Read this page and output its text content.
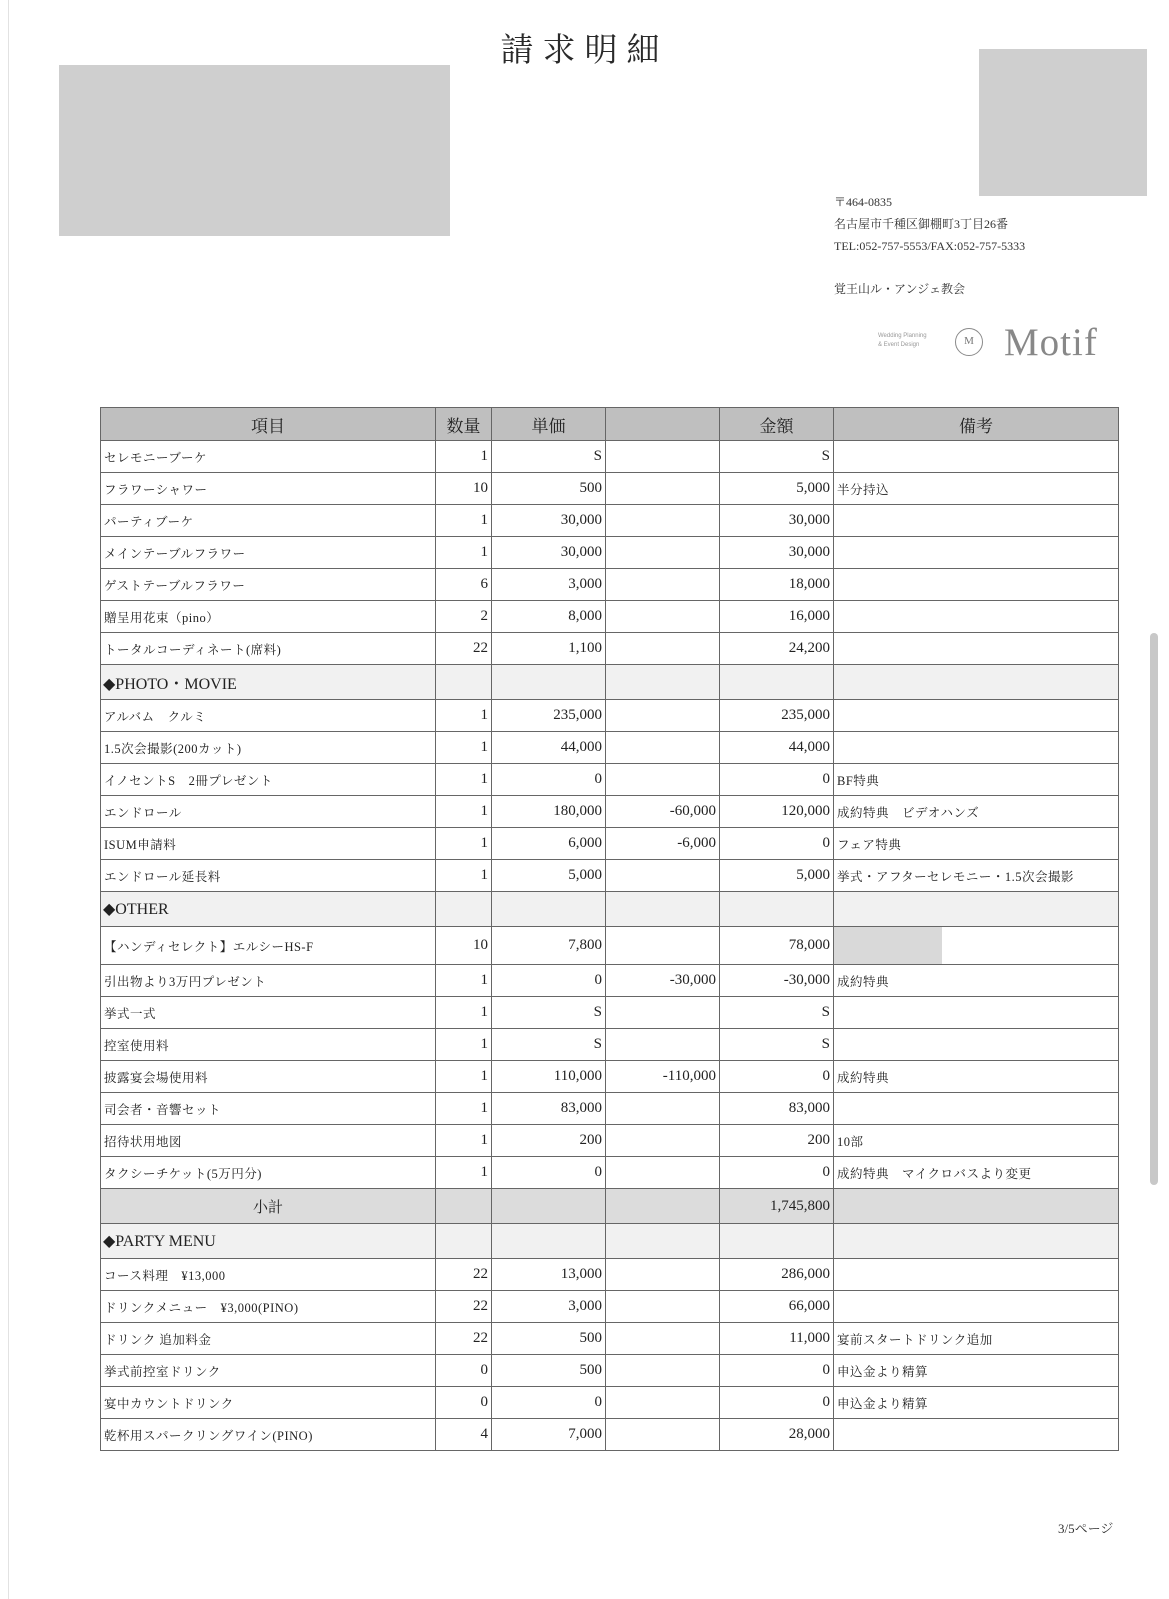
請求明細
〒464-0835
名古屋市千種区御棚町3丁目26番
TEL:052-757-5553/FAX:052-757-5333
覚王山ル・アンジェ教会
Wedding Planning
& Event Design	M Motif
項目	数量	単価		金額	備考
セレモニーブーケ	1	S		S	
フラワーシャワー	10	500		5,000	半分持込
パーティブーケ	1	30,000		30,000	
メインテーブルフラワー	1	30,000		30,000	
ゲストテーブルフラワー	6	3,000		18,000	
贈呈用花束（pino）	2	8,000		16,000	
トータルコーディネート(席料)	22	1,100		24,200	
◆PHOTO・MOVIE					
アルバム　クルミ	1	235,000		235,000	
1.5次会撮影(200カット)	1	44,000		44,000	
イノセントS　2冊プレゼント	1	0		0	BF特典
エンドロール	1	180,000	-60,000	120,000	成約特典　ビデオハンズ
ISUM申請料	1	6,000	-6,000	0	フェア特典
エンドロール延長料	1	5,000		5,000	挙式・アフターセレモニー・1.5次会撮影
◆OTHER					
【ハンディセレクト】エルシーHS-F	10	7,800		78,000	
引出物より3万円プレゼント	1	0	-30,000	-30,000	成約特典
挙式一式	1	S		S	
控室使用料	1	S		S	
披露宴会場使用料	1	110,000	-110,000	0	成約特典
司会者・音響セット	1	83,000		83,000	
招待状用地図	1	200		200	10部
タクシーチケット(5万円分)	1	0		0	成約特典　マイクロバスより変更
小計				1,745,800	
◆PARTY MENU					
コース料理　¥13,000	22	13,000		286,000	
ドリンクメニュー　¥3,000(PINO)	22	3,000		66,000	
ドリンク 追加料金	22	500		11,000	宴前スタートドリンク追加
挙式前控室ドリンク	0	500		0	申込金より精算
宴中カウントドリンク	0	0		0	申込金より精算
乾杯用スパークリングワイン(PINO)	4	7,000		28,000	
3/5ページ
